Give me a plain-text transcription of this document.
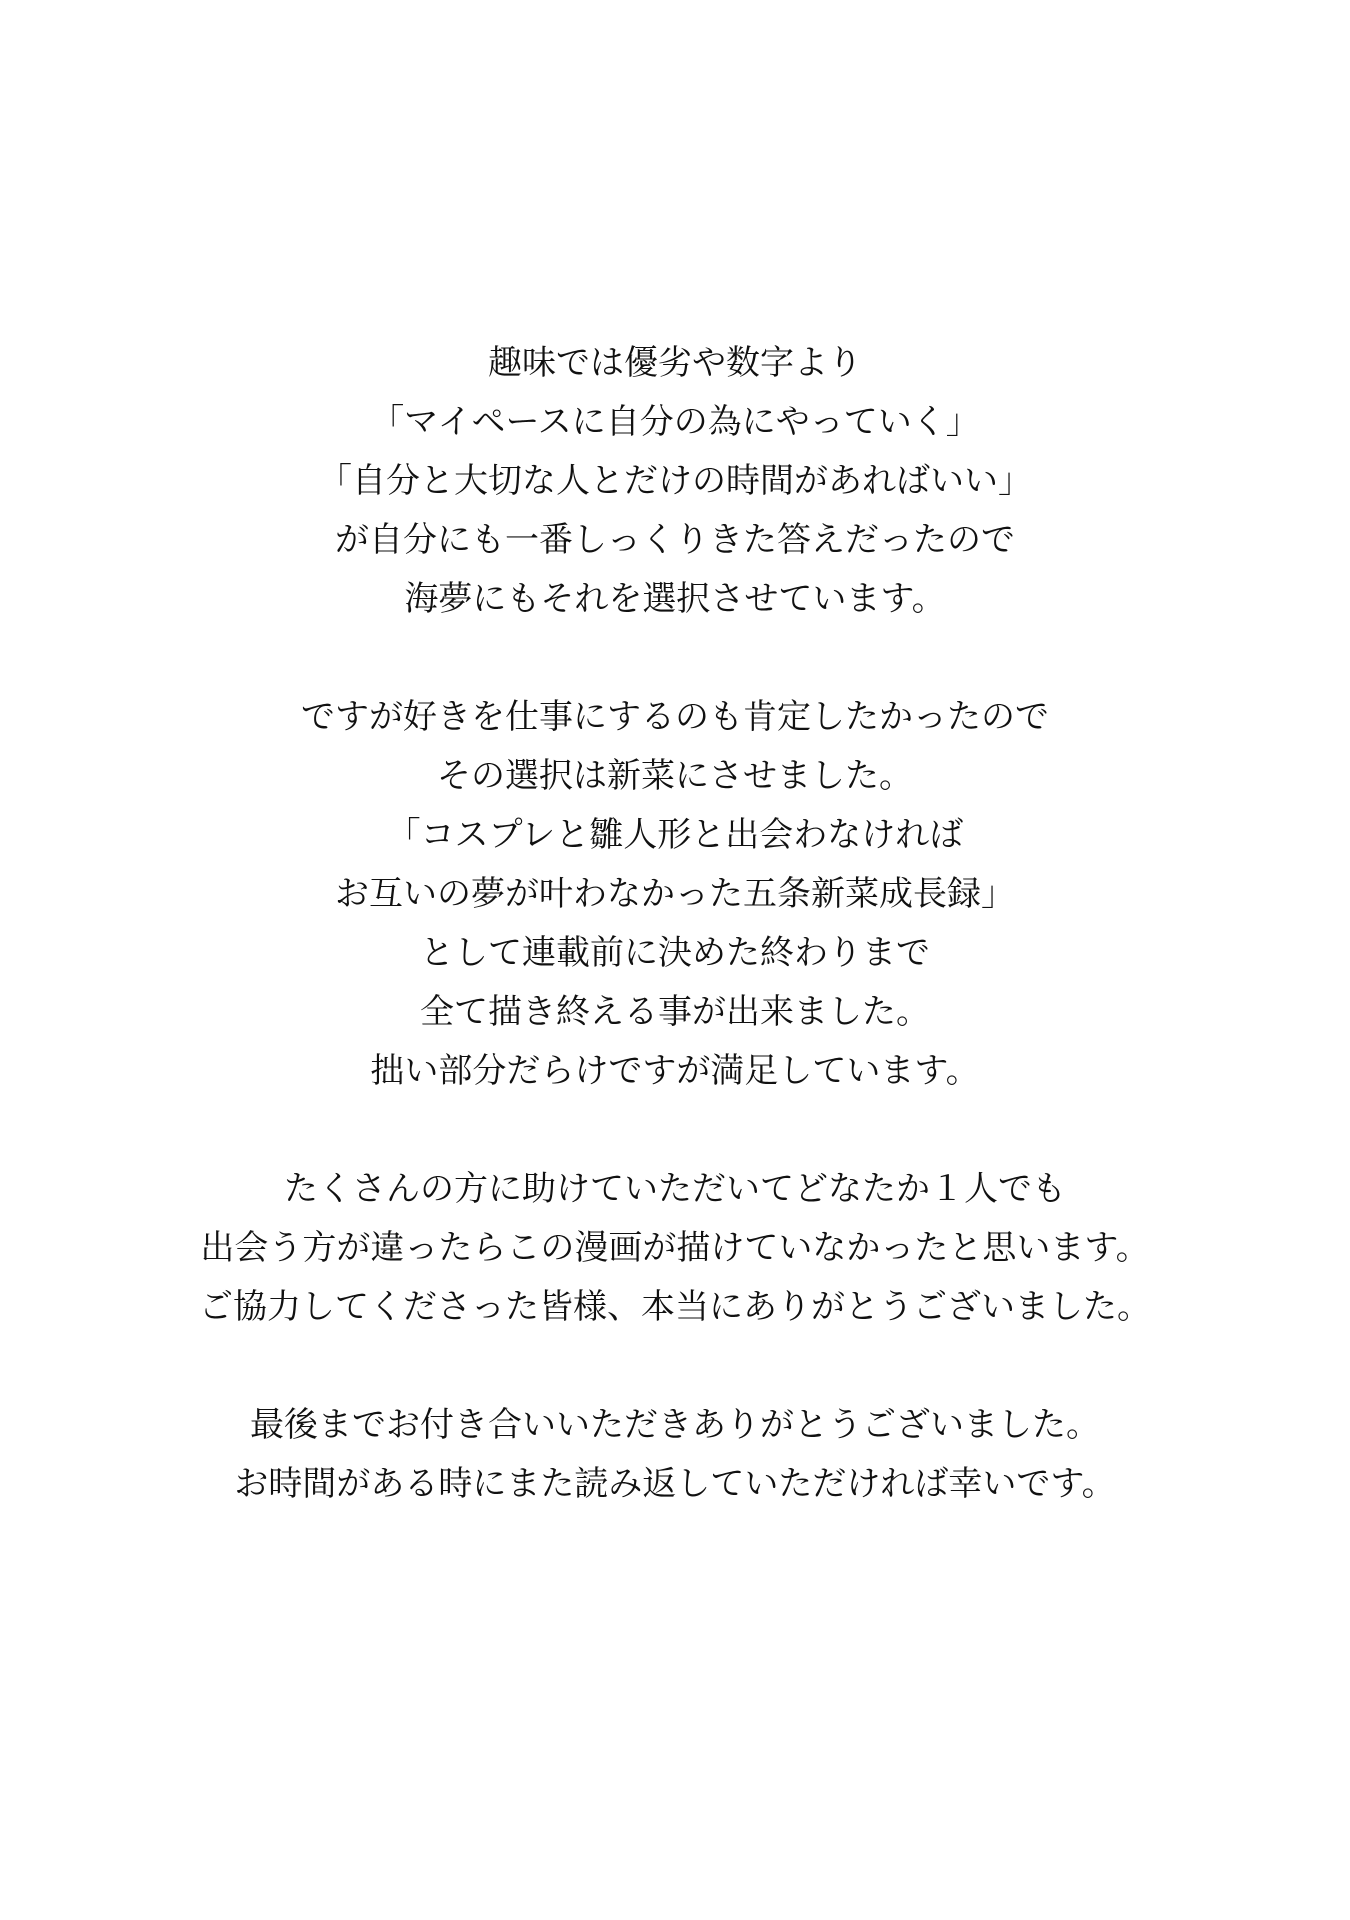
趣味では優劣や数字より
「マイペースに自分の為にやっていく」
「自分と大切な人とだけの時間があればいい」
が自分にも一番しっくりきた答えだったので
海夢にもそれを選択させています。

ですが好きを仕事にするのも肯定したかったので
その選択は新菜にさせました。
「コスプレと雛人形と出会わなければ
お互いの夢が叶わなかった五条新菜成長録」
として連載前に決めた終わりまで
全て描き終える事が出来ました。
拙い部分だらけですが満足しています。

たくさんの方に助けていただいてどなたか１人でも
出会う方が違ったらこの漫画が描けていなかったと思います。
ご協力してくださった皆様、本当にありがとうございました。

最後までお付き合いいただきありがとうございました。
お時間がある時にまた読み返していただければ幸いです。
